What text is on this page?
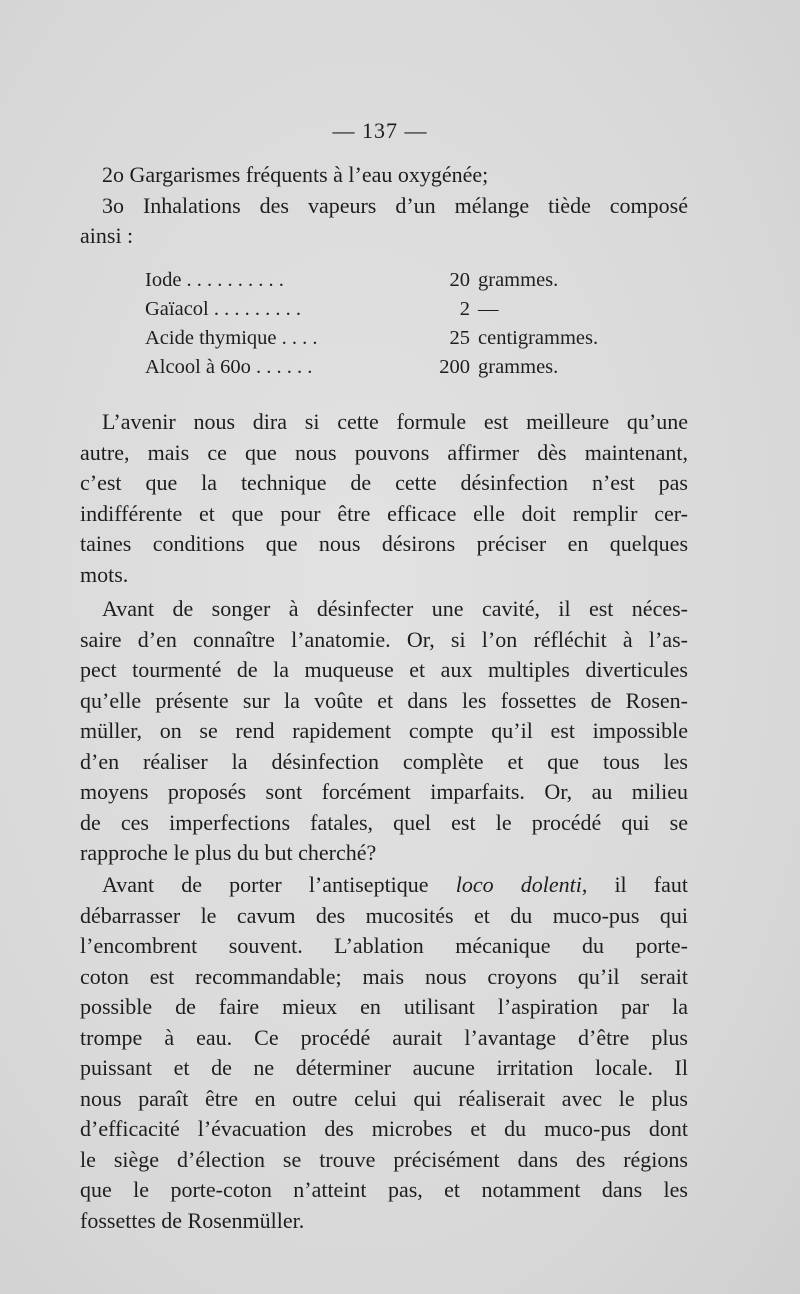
— 137 —
2o Gargarismes fréquents à l’eau oxygénée;
3o Inhalations des vapeurs d’un mélange tiède composé
ainsi :
Iode . . . . . . . . . .	20 grammes.
Gaïacol . . . . . . . . .	2 —
Acide thymique . . . .	25 centigrammes.
Alcool à 60o . . . . . .	200 grammes.
L’avenir nous dira si cette formule est meilleure qu’une
autre, mais ce que nous pouvons affirmer dès maintenant,
c’est que la technique de cette désinfection n’est pas
indifférente et que pour être efficace elle doit remplir cer-
taines conditions que nous désirons préciser en quelques
mots.
Avant de songer à désinfecter une cavité, il est néces-
saire d’en connaître l’anatomie. Or, si l’on réfléchit à l’as-
pect tourmenté de la muqueuse et aux multiples diverticules
qu’elle présente sur la voûte et dans les fossettes de Rosen-
müller, on se rend rapidement compte qu’il est impossible
d’en réaliser la désinfection complète et que tous les
moyens proposés sont forcément imparfaits. Or, au milieu
de ces imperfections fatales, quel est le procédé qui se
rapproche le plus du but cherché?
Avant de porter l’antiseptique loco dolenti, il faut
débarrasser le cavum des mucosités et du muco-pus qui
l’encombrent souvent. L’ablation mécanique du porte-
coton est recommandable; mais nous croyons qu’il serait
possible de faire mieux en utilisant l’aspiration par la
trompe à eau. Ce procédé aurait l’avantage d’être plus
puissant et de ne déterminer aucune irritation locale. Il
nous paraît être en outre celui qui réaliserait avec le plus
d’efficacité l’évacuation des microbes et du muco-pus dont
le siège d’élection se trouve précisément dans des régions
que le porte-coton n’atteint pas, et notamment dans les
fossettes de Rosenmüller.
